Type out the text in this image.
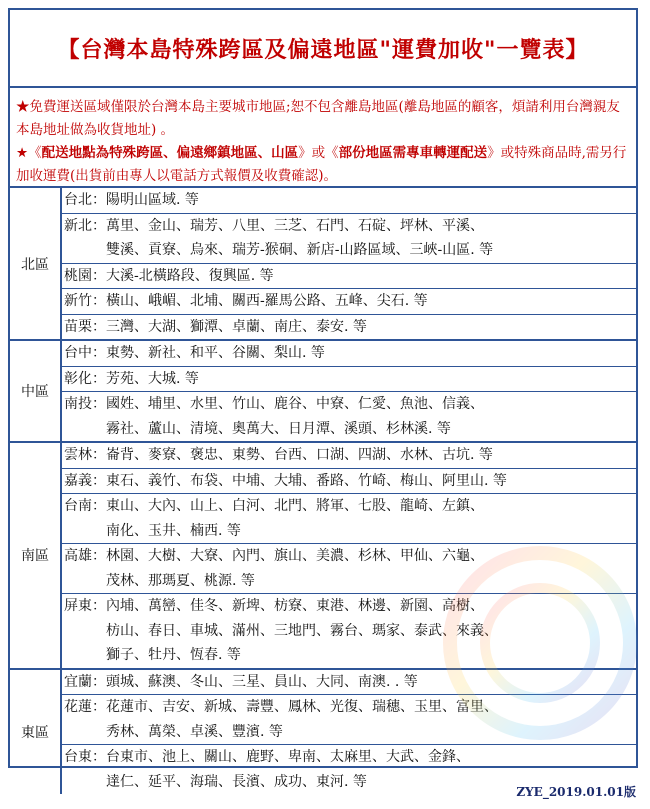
【台灣本島特殊跨區及偏遠地區"運費加收"一覽表】
★免費運送區域僅限於台灣本島主要城市地區;恕不包含離島地區(離島地區的顧客，煩請利用台灣親友本島地址做為收貨地址) 。
★《配送地點為特殊跨區、偏遠鄉鎮地區、山區》或《部份地區需專車轉運配送》或特殊商品時,需另行加收運費(出貨前由專人以電話方式報價及收費確認)。
北區
台北： 陽明山區域. 等
新北： 萬里、金山、瑞芳、八里、三芝、石門、石碇、坪林、平溪、
雙溪、貢寮、烏來、瑞芳-猴硐、新店-山路區域、三峽-山區. 等
桃園： 大溪-北橫路段、復興區. 等
新竹： 橫山、峨嵋、北埔、關西-羅馬公路、五峰、尖石. 等
苗栗： 三灣、大湖、獅潭、卓蘭、南庄、泰安. 等
中區
台中： 東勢、新社、和平、谷關、梨山. 等
彰化： 芳苑、大城. 等
南投： 國姓、埔里、水里、竹山、鹿谷、中寮、仁愛、魚池、信義、
霧社、蘆山、清境、奧萬大、日月潭、溪頭、杉林溪. 等
南區
雲林： 崙背、麥寮、褒忠、東勢、台西、口湖、四湖、水林、古坑. 等
嘉義： 東石、義竹、布袋、中埔、大埔、番路、竹崎、梅山、阿里山. 等
台南： 東山、大內、山上、白河、北門、將軍、七股、龍崎、左鎮、
南化、玉井、楠西. 等
高雄： 林園、大樹、大寮、內門、旗山、美濃、杉林、甲仙、六龜、
茂林、那瑪夏、桃源. 等
屏東： 內埔、萬巒、佳冬、新埤、枋寮、東港、林邊、新園、高樹、
枋山、春日、車城、滿州、三地門、霧台、瑪家、泰武、來義、
獅子、牡丹、恆春. 等
東區
宜蘭： 頭城、蘇澳、冬山、三星、員山、大同、南澳. . 等
花蓮： 花蓮市、吉安、新城、壽豐、鳳林、光復、瑞穗、玉里、富里、
秀林、萬榮、卓溪、豐濱. 等
台東： 台東市、池上、關山、鹿野、卑南、太麻里、大武、金鋒、
達仁、延平、海瑞、長濱、成功、東河. 等
ZYE_2019.01.01版
